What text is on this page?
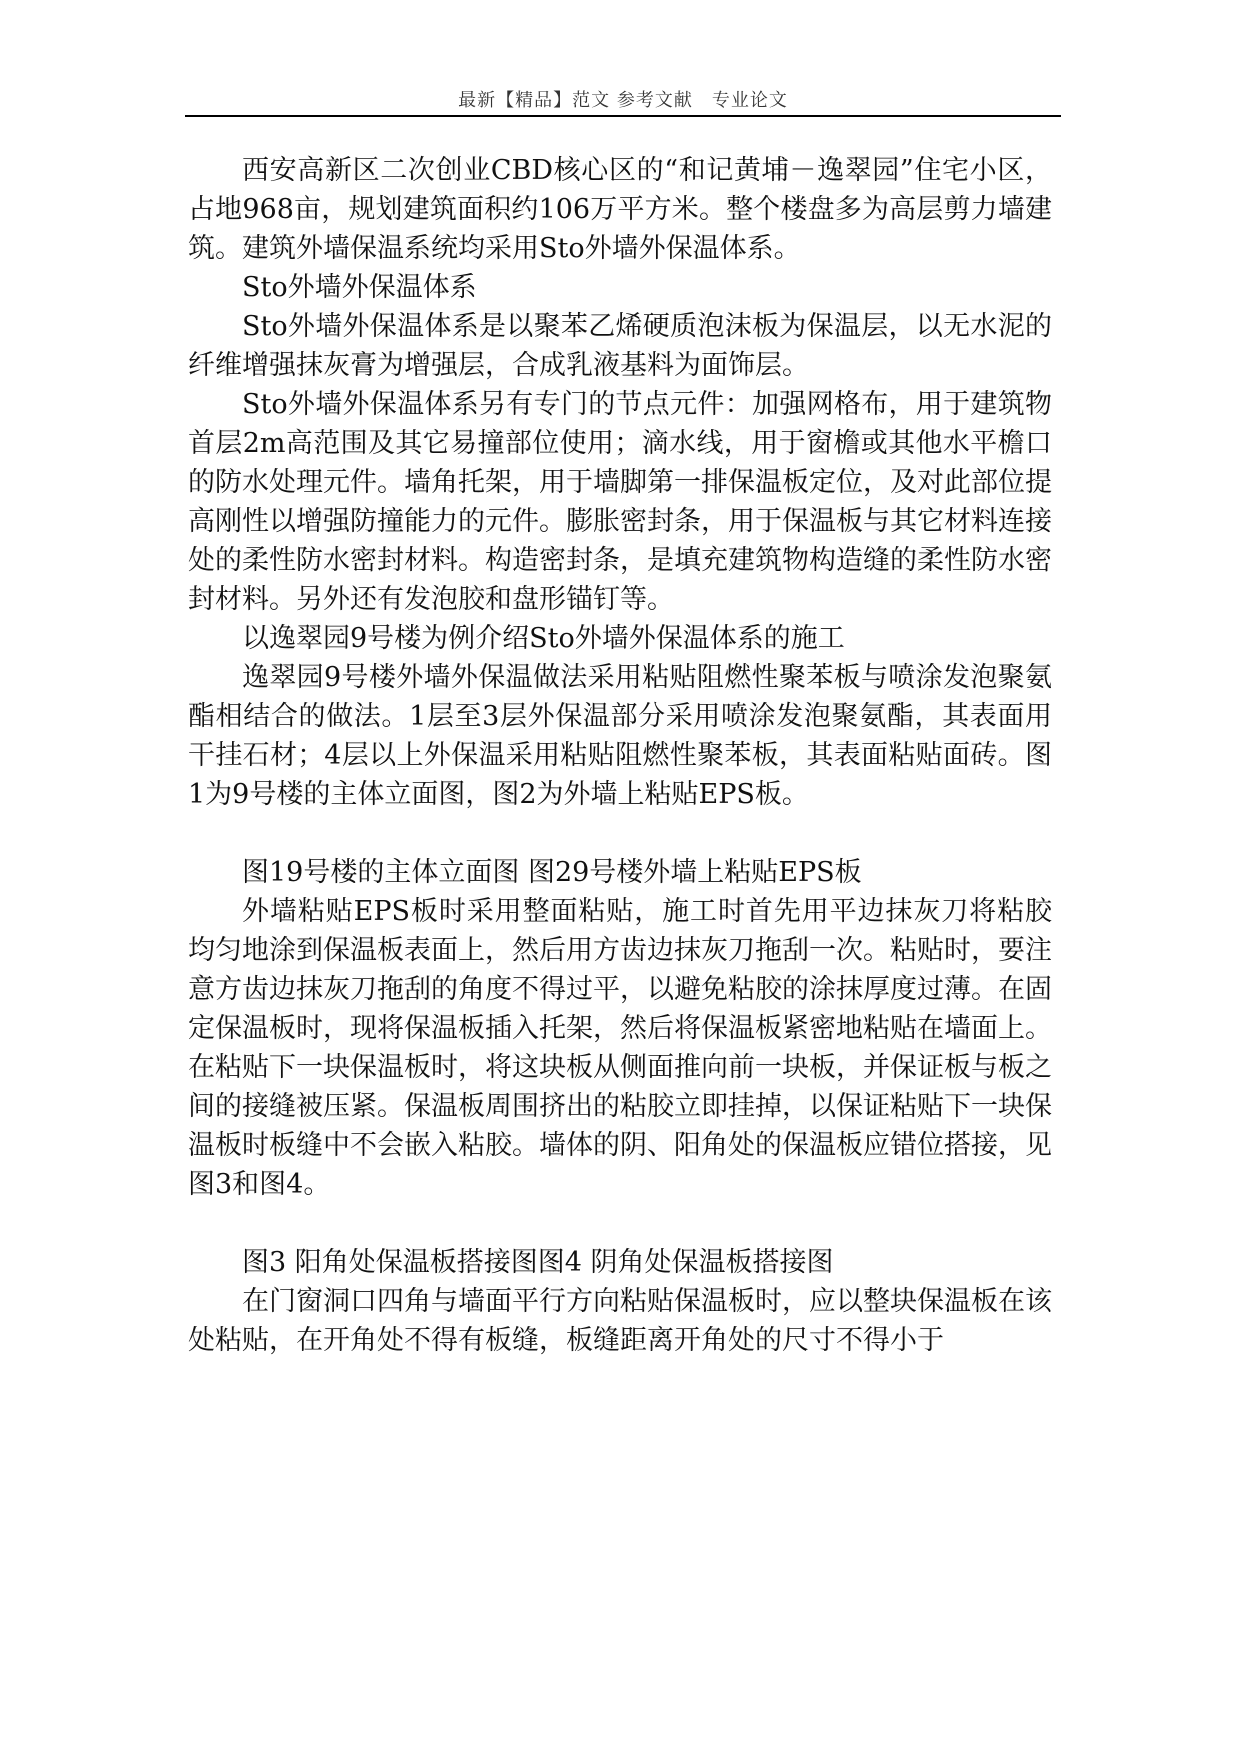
最新【精品】范文 参考文献　专业论文

西安高新区二次创业CBD核心区的“和记黄埔－逸翠园”住宅小区， 占地968亩，规划建筑面积约106万平方米。整个楼盘多为高层剪力墙建筑。建筑外墙保温系统均采用Sto外墙外保温体系。

Sto外墙外保温体系

Sto外墙外保温体系是以聚苯乙烯硬质泡沫板为保温层，以无水泥的纤维增强抹灰膏为增强层，合成乳液基料为面饰层。

Sto外墙外保温体系另有专门的节点元件：加强网格布，用于建筑物首层2m高范围及其它易撞部位使用；滴水线，用于窗檐或其他水平檐口的防水处理元件。墙角托架，用于墙脚第一排保温板定位，及对此部位提高刚性以增强防撞能力的元件。膨胀密封条，用于保温板与其它材料连接处的柔性防水密封材料。构造密封条，是填充建筑物构造缝的柔性防水密封材料。另外还有发泡胶和盘形锚钉等。

以逸翠园9号楼为例介绍Sto外墙外保温体系的施工

逸翠园9号楼外墙外保温做法采用粘贴阻燃性聚苯板与喷涂发泡聚氨酯相结合的做法。1层至3层外保温部分采用喷涂发泡聚氨酯，其表面用干挂石材；4层以上外保温采用粘贴阻燃性聚苯板，其表面粘贴面砖。图1为9号楼的主体立面图，图2为外墙上粘贴EPS板。

图19号楼的主体立面图 图29号楼外墙上粘贴EPS板

外墙粘贴EPS板时采用整面粘贴，施工时首先用平边抹灰刀将粘胶均匀地涂到保温板表面上，然后用方齿边抹灰刀拖刮一次。粘贴时，要注意方齿边抹灰刀拖刮的角度不得过平，以避免粘胶的涂抹厚度过薄。在固定保温板时，现将保温板插入托架，然后将保温板紧密地粘贴在墙面上。在粘贴下一块保温板时，将这块板从侧面推向前一块板，并保证板与板之间的接缝被压紧。保温板周围挤出的粘胶立即挂掉，以保证粘贴下一块保温板时板缝中不会嵌入粘胶。墙体的阴、阳角处的保温板应错位搭接，见图3和图4。

图3 阳角处保温板搭接图图4 阴角处保温板搭接图

在门窗洞口四角与墙面平行方向粘贴保温板时，应以整块保温板在该处粘贴，在开角处不得有板缝，板缝距离开角处的尺寸不得小于
